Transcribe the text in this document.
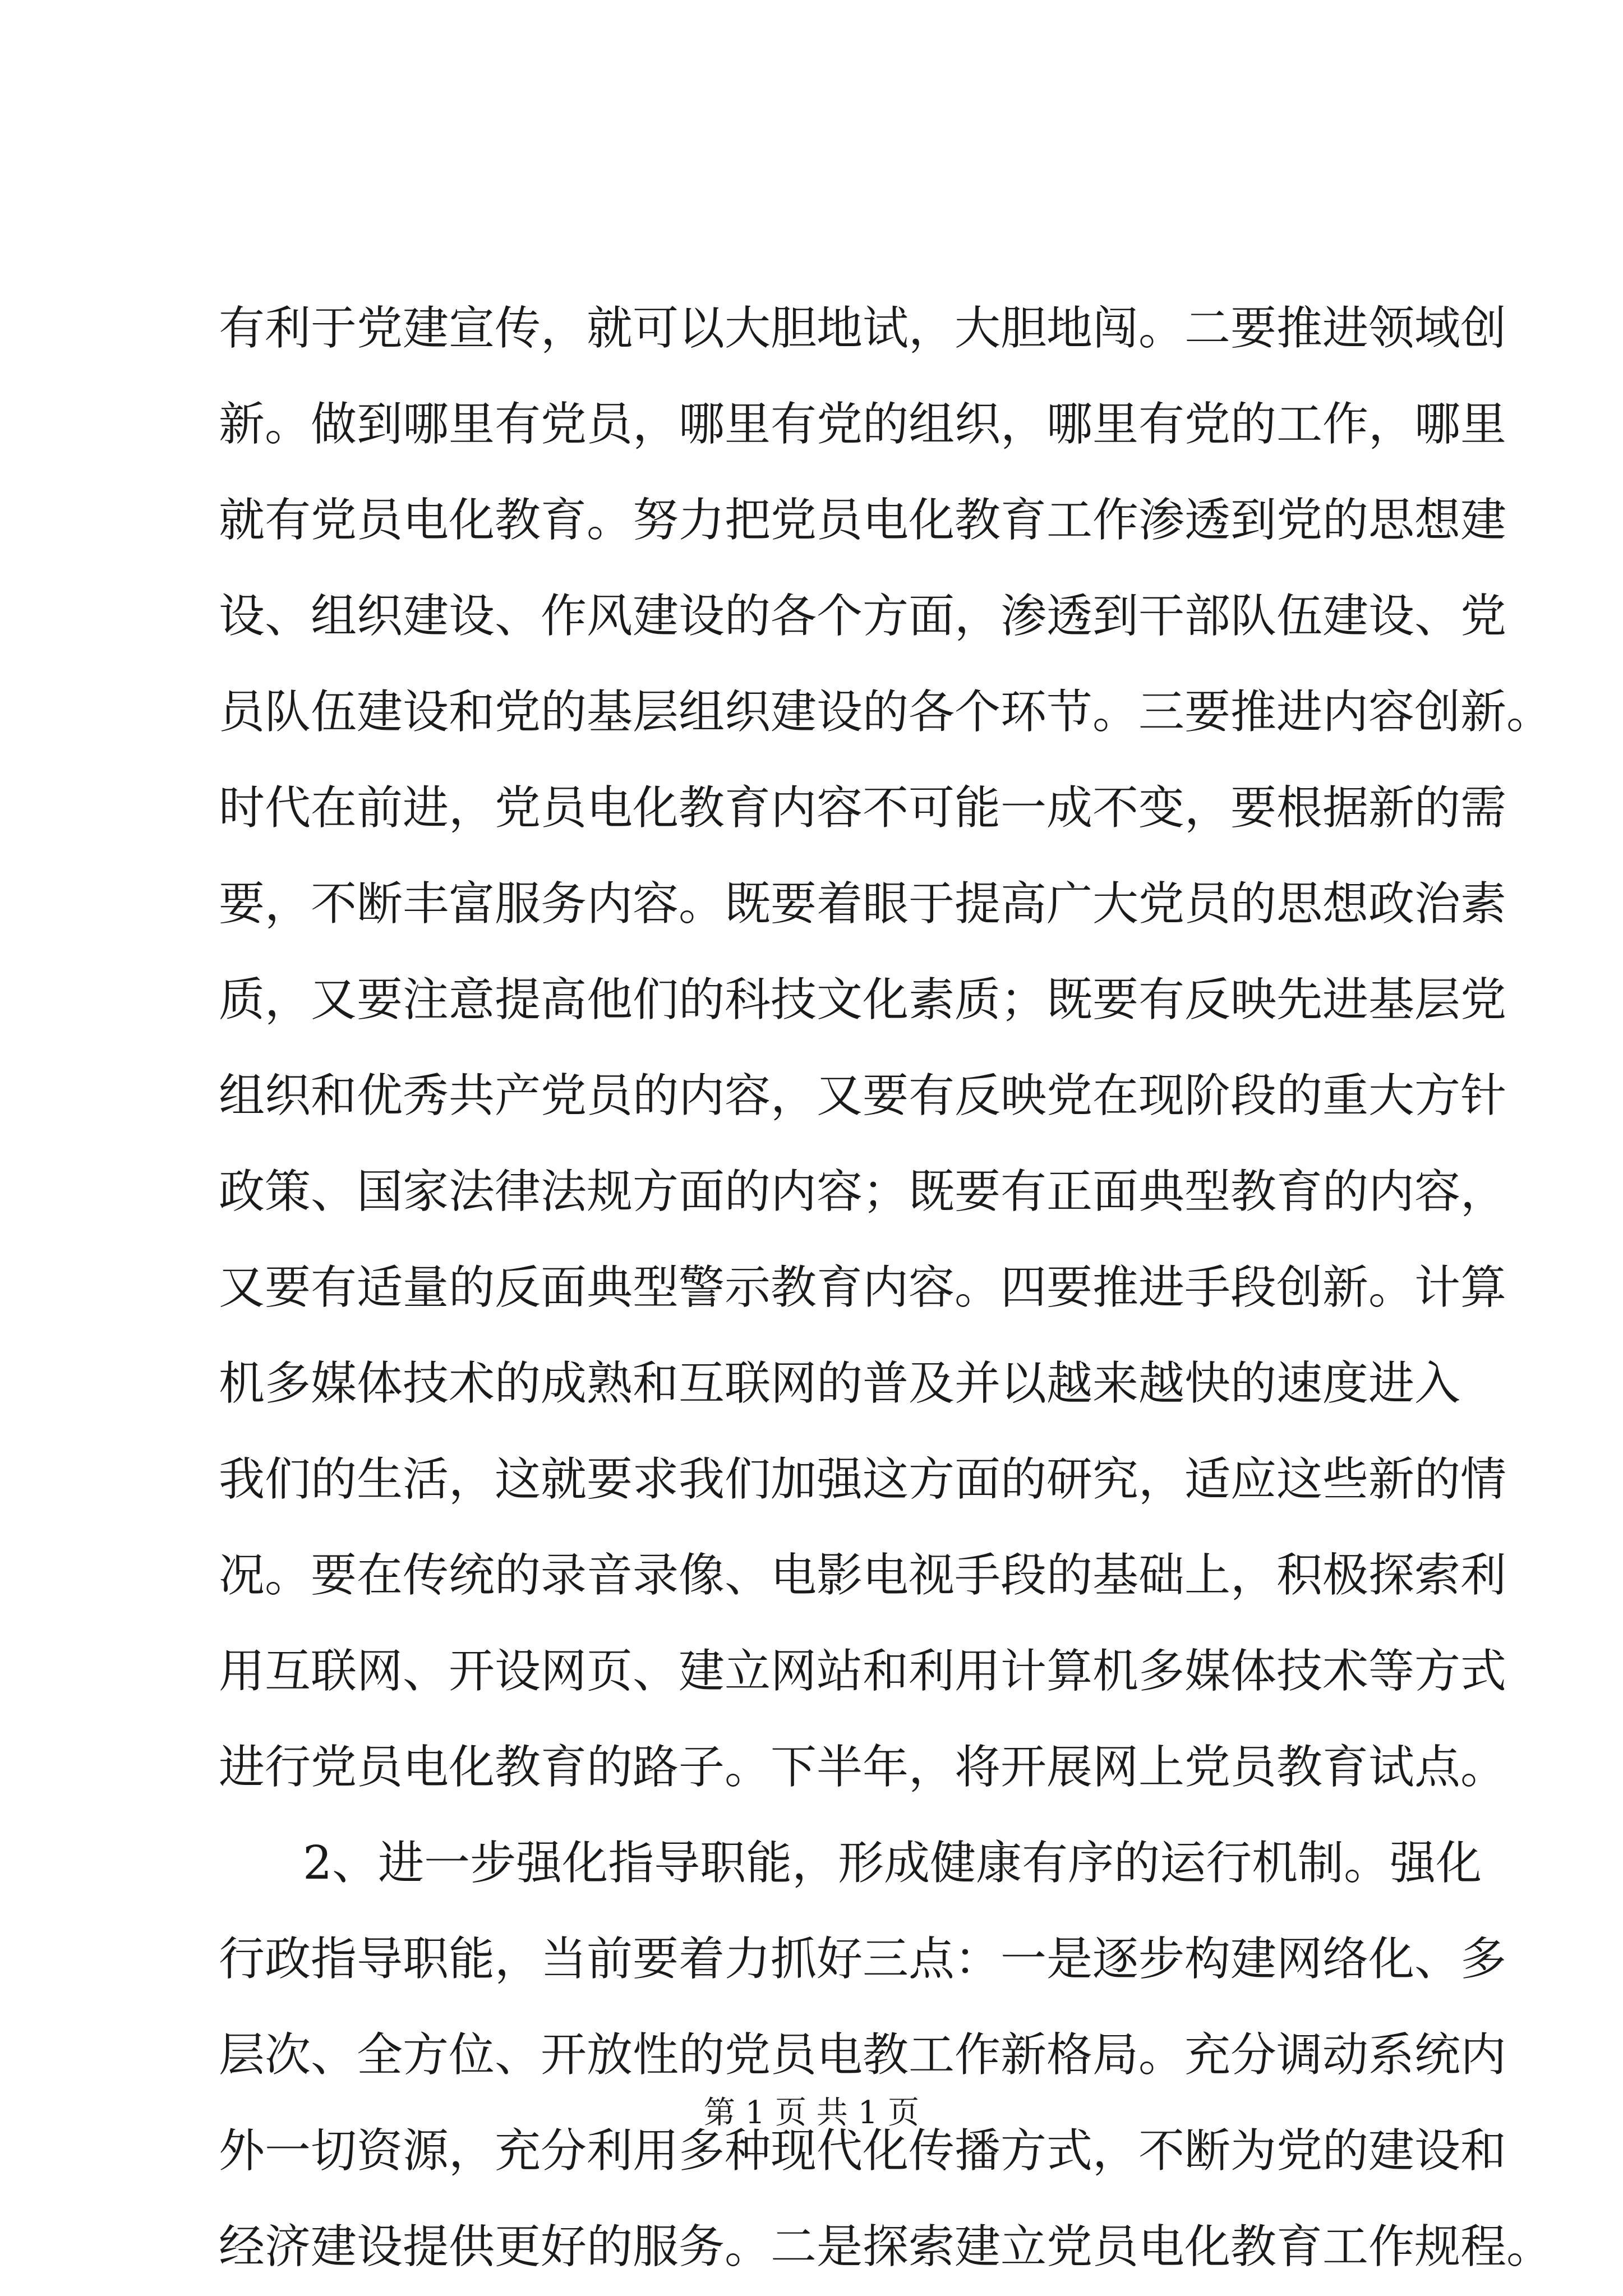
有利于党建宣传，就可以大胆地试，大胆地闯。二要推进领域创
新。做到哪里有党员，哪里有党的组织，哪里有党的工作，哪里
就有党员电化教育。努力把党员电化教育工作渗透到党的思想建
设、组织建设、作风建设的各个方面，渗透到干部队伍建设、党
员队伍建设和党的基层组织建设的各个环节。三要推进内容创新。
时代在前进，党员电化教育内容不可能一成不变，要根据新的需
要，不断丰富服务内容。既要着眼于提高广大党员的思想政治素
质，又要注意提高他们的科技文化素质；既要有反映先进基层党
组织和优秀共产党员的内容，又要有反映党在现阶段的重大方针
政策、国家法律法规方面的内容；既要有正面典型教育的内容，
又要有适量的反面典型警示教育内容。四要推进手段创新。计算
机多媒体技术的成熟和互联网的普及并以越来越快的速度进入
我们的生活，这就要求我们加强这方面的研究，适应这些新的情
况。要在传统的录音录像、电影电视手段的基础上，积极探索利
用互联网、开设网页、建立网站和利用计算机多媒体技术等方式
进行党员电化教育的路子。下半年，将开展网上党员教育试点。
2、进一步强化指导职能，形成健康有序的运行机制。强化
行政指导职能，当前要着力抓好三点：一是逐步构建网络化、多
层次、全方位、开放性的党员电教工作新格局。充分调动系统内
外一切资源，充分利用多种现代化传播方式，不断为党的建设和
经济建设提供更好的服务。二是探索建立党员电化教育工作规程。
第 1 页 共 1 页
